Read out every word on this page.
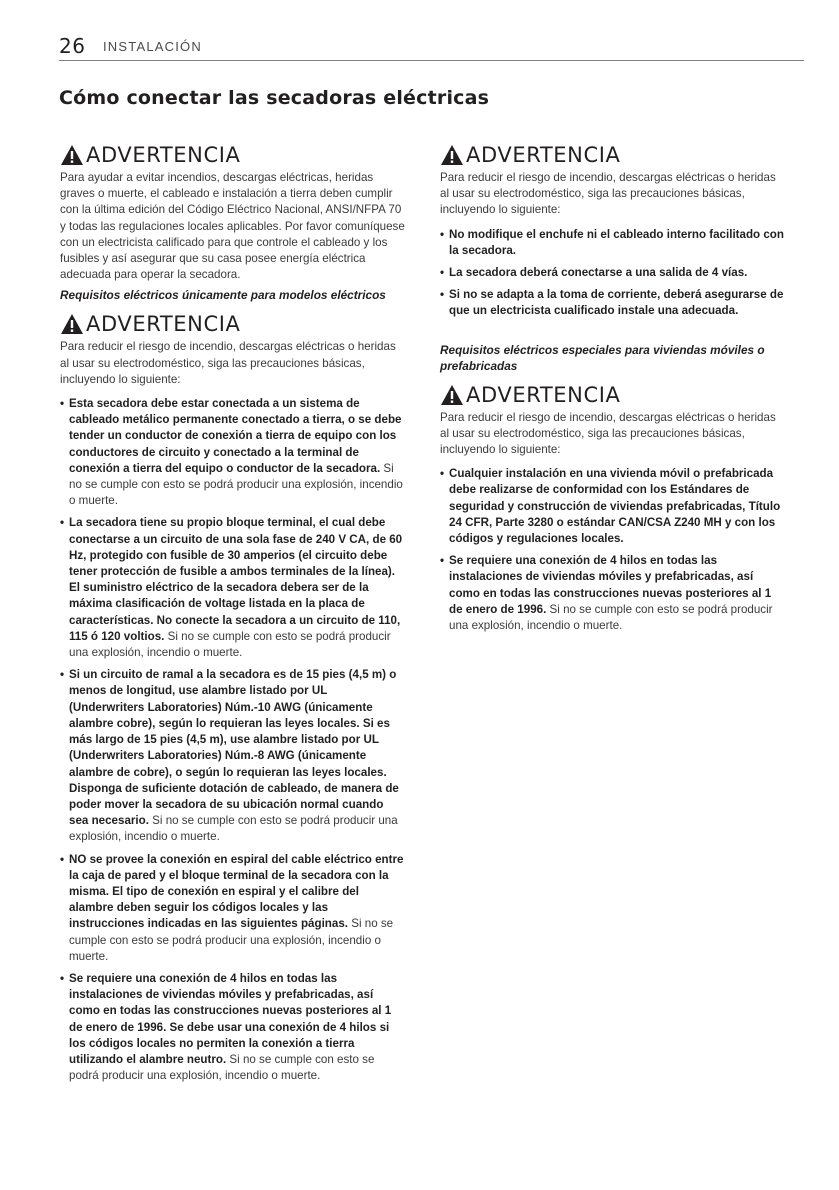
26 INSTALACIÓN
Cómo conectar las secadoras eléctricas
ADVERTENCIA

Para ayudar a evitar incendios, descargas eléctricas, heridas graves o muerte, el cableado e instalación a tierra deben cumplir con la última edición del Código Eléctrico Nacional, ANSI/NFPA 70 y todas las regulaciones locales aplicables. Por favor comuníquese con un electricista calificado para que controle el cableado y los fusibles y así asegurar que su casa posee energía eléctrica adecuada para operar la secadora.

Requisitos eléctricos únicamente para modelos eléctricos

ADVERTENCIA

Para reducir el riesgo de incendio, descargas eléctricas o heridas al usar su electrodoméstico, siga las precauciones básicas, incluyendo lo siguiente:

• Esta secadora debe estar conectada a un sistema de cableado metálico permanente conectado a tierra, o se debe tender un conductor de conexión a tierra de equipo con los conductores de circuito y conectado a la terminal de conexión a tierra del equipo o conductor de la secadora. Si no se cumple con esto se podrá producir una explosión, incendio o muerte.
• La secadora tiene su propio bloque terminal, el cual debe conectarse a un circuito de una sola fase de 240 V CA, de 60 Hz, protegido con fusible de 30 amperios (el circuito debe tener protección de fusible a ambos terminales de la línea). El suministro eléctrico de la secadora debera ser de la máxima clasificación de voltage listada en la placa de características. No conecte la secadora a un circuito de 110, 115 ó 120 voltios. Si no se cumple con esto se podrá producir una explosión, incendio o muerte.
• Si un circuito de ramal a la secadora es de 15 pies (4,5 m) o menos de longitud, use alambre listado por UL (Underwriters Laboratories) Núm.-10 AWG (únicamente alambre cobre), según lo requieran las leyes locales. Si es más largo de 15 pies (4,5 m), use alambre listado por UL (Underwriters Laboratories) Núm.-8 AWG (únicamente alambre de cobre), o según lo requieran las leyes locales. Disponga de suficiente dotación de cableado, de manera de poder mover la secadora de su ubicación normal cuando sea necesario. Si no se cumple con esto se podrá producir una explosión, incendio o muerte.
• NO se provee la conexión en espiral del cable eléctrico entre la caja de pared y el bloque terminal de la secadora con la misma. El tipo de conexión en espiral y el calibre del alambre deben seguir los códigos locales y las instrucciones indicadas en las siguientes páginas. Si no se cumple con esto se podrá producir una explosión, incendio o muerte.
• Se requiere una conexión de 4 hilos en todas las instalaciones de viviendas móviles y prefabricadas, así como en todas las construcciones nuevas posteriores al 1 de enero de 1996. Se debe usar una conexión de 4 hilos si los códigos locales no permiten la conexión a tierra utilizando el alambre neutro. Si no se cumple con esto se podrá producir una explosión, incendio o muerte.
ADVERTENCIA

Para reducir el riesgo de incendio, descargas eléctricas o heridas al usar su electrodoméstico, siga las precauciones básicas, incluyendo lo siguiente:

• No modifique el enchufe ni el cableado interno facilitado con la secadora.
• La secadora deberá conectarse a una salida de 4 vías.
• Si no se adapta a la toma de corriente, deberá asegurarse de que un electricista cualificado instale una adecuada.

Requisitos eléctricos especiales para viviendas móviles o prefabricadas

ADVERTENCIA

Para reducir el riesgo de incendio, descargas eléctricas o heridas al usar su electrodoméstico, siga las precauciones básicas, incluyendo lo siguiente:

• Cualquier instalación en una vivienda móvil o prefabricada debe realizarse de conformidad con los Estándares de seguridad y construcción de viviendas prefabricadas, Título 24 CFR, Parte 3280 o estándar CAN/CSA Z240 MH y con los códigos y regulaciones locales.
• Se requiere una conexión de 4 hilos en todas las instalaciones de viviendas móviles y prefabricadas, así como en todas las construcciones nuevas posteriores al 1 de enero de 1996. Si no se cumple con esto se podrá producir una explosión, incendio o muerte.
